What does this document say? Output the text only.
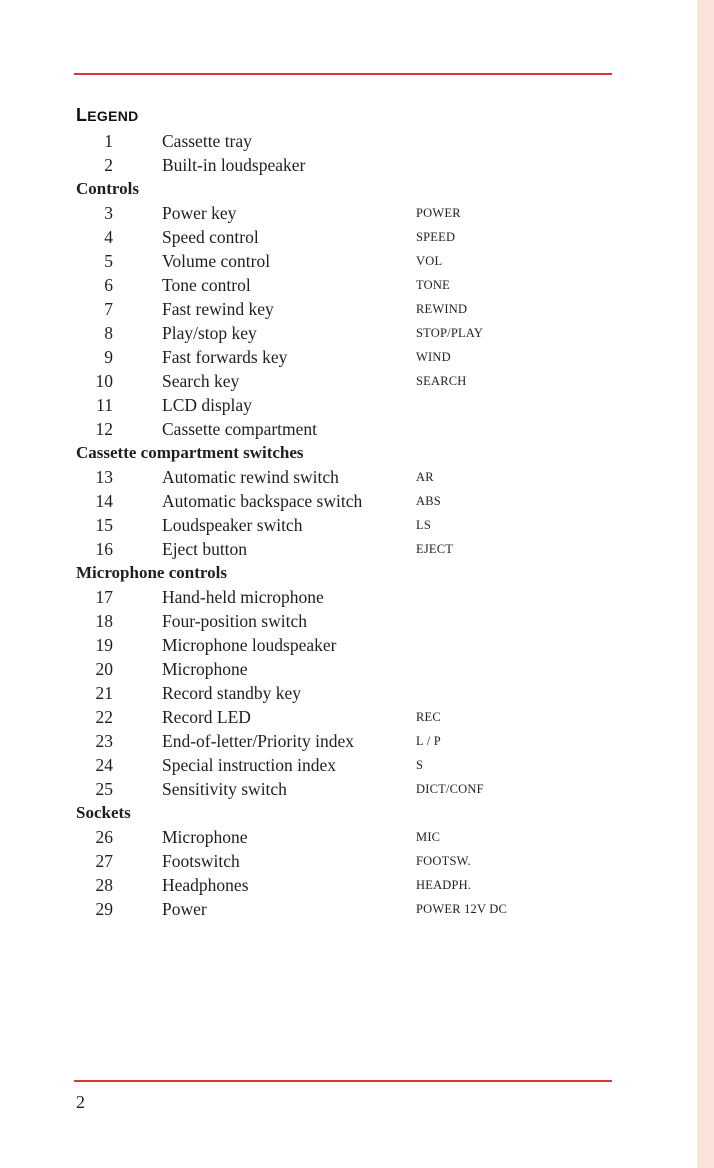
LEGEND
1	Cassette tray
2	Built-in loudspeaker
Controls
3	Power key	POWER
4	Speed control	SPEED
5	Volume control	VOL
6	Tone control	TONE
7	Fast rewind key	REWIND
8	Play/stop key	STOP/PLAY
9	Fast forwards key	WIND
10	Search key	SEARCH
11	LCD display
12	Cassette compartment
Cassette compartment switches
13	Automatic rewind switch	AR
14	Automatic backspace switch	ABS
15	Loudspeaker switch	LS
16	Eject button	EJECT
Microphone controls
17	Hand-held microphone
18	Four-position switch
19	Microphone loudspeaker
20	Microphone
21	Record standby key
22	Record LED	REC
23	End-of-letter/Priority index	L / P
24	Special instruction index	S
25	Sensitivity switch	DICT/CONF
Sockets
26	Microphone	MIC
27	Footswitch	FOOTSW.
28	Headphones	HEADPH.
29	Power	POWER 12V DC
2
